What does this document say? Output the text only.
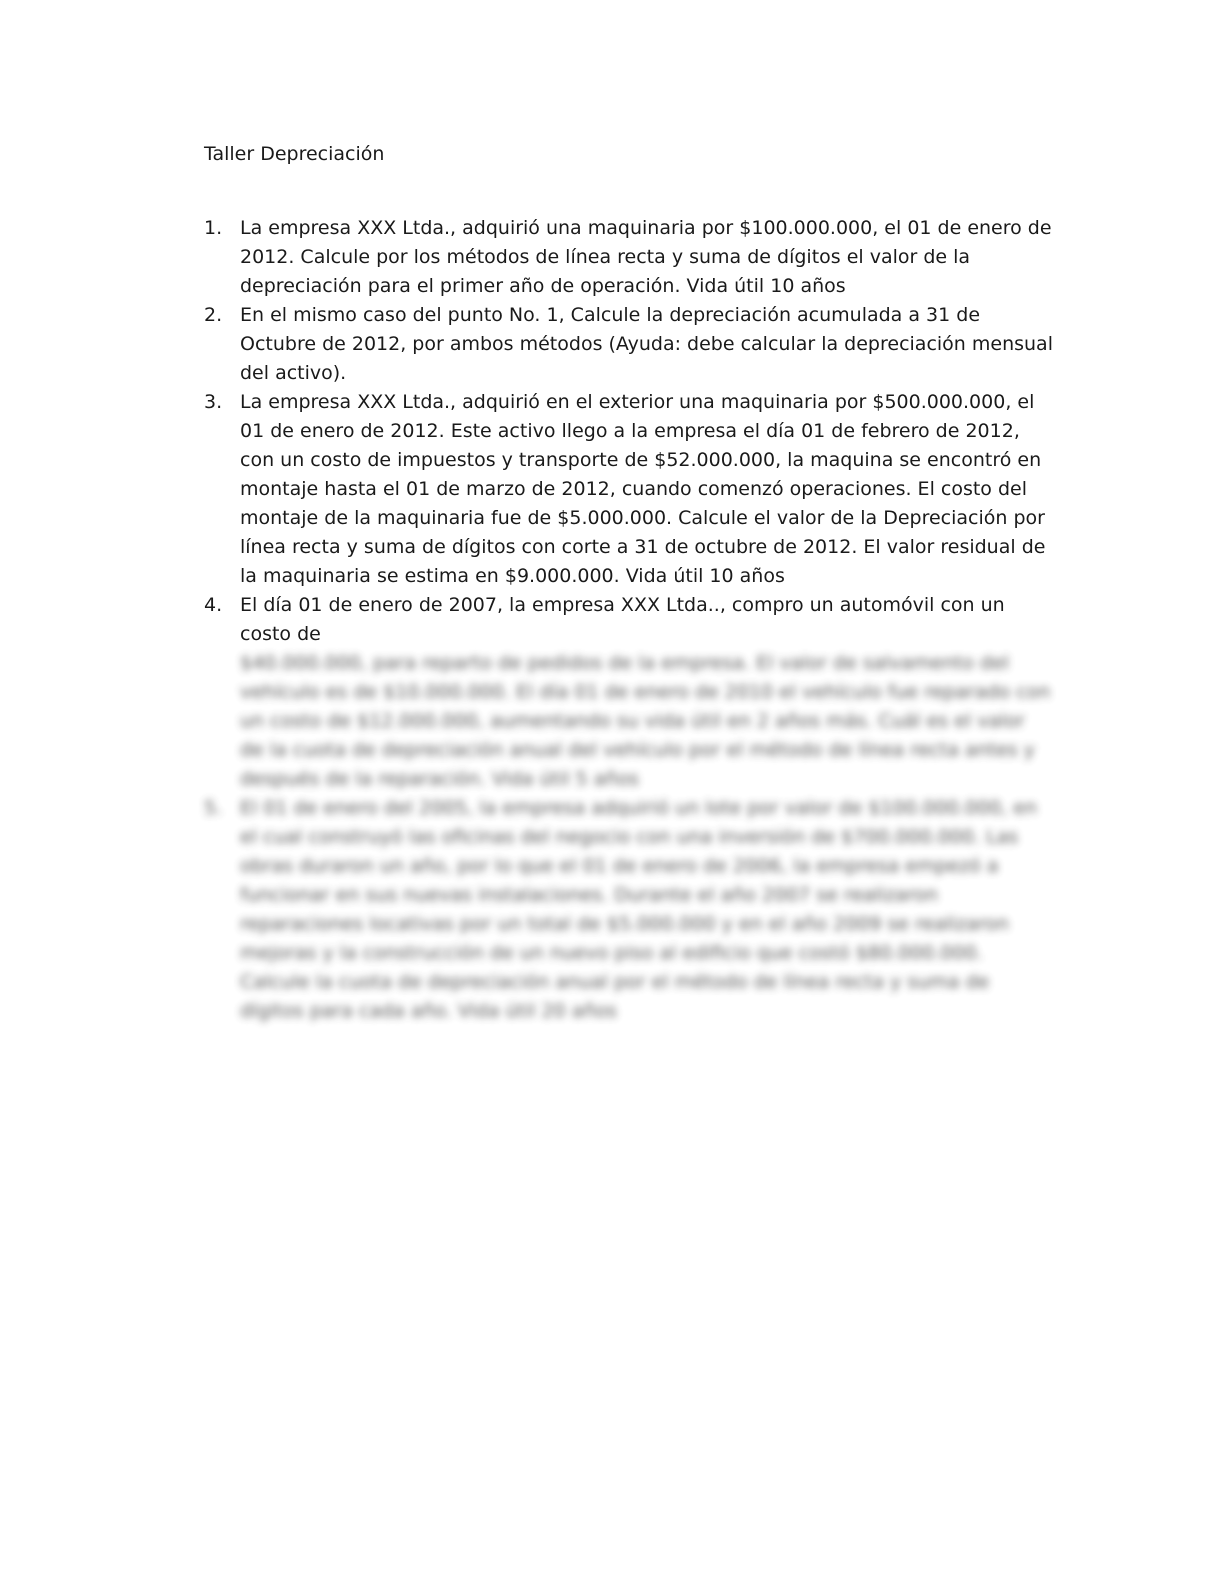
Taller Depreciación
1. La empresa XXX Ltda., adquirió una maquinaria por $100.000.000, el 01 de enero de 2012. Calcule por los métodos de línea recta y suma de dígitos el valor de la depreciación para el primer año de operación. Vida útil 10 años
2. En el mismo caso del punto No. 1, Calcule la depreciación acumulada a 31 de Octubre de 2012, por ambos métodos (Ayuda: debe calcular la depreciación mensual del activo).
3. La empresa XXX Ltda., adquirió en el exterior una maquinaria por $500.000.000, el 01 de enero de 2012. Este activo llego a la empresa el día 01 de febrero de 2012, con un costo de impuestos y transporte de $52.000.000, la maquina se encontró en montaje hasta el 01 de marzo de 2012, cuando comenzó operaciones. El costo del montaje de la maquinaria fue de $5.000.000. Calcule el valor de la Depreciación por línea recta y suma de dígitos con corte a 31 de octubre de 2012. El valor residual de la maquinaria se estima en $9.000.000. Vida útil 10 años
4. El día 01 de enero de 2007, la empresa XXX Ltda.., compro un automóvil con un costo de
$40.000.000, para reparto de pedidos de la empresa. El valor de salvamento del vehículo es de $10.000.000. El día 01 de enero de 2010 el vehículo fue reparado con un costo de $12.000.000, aumentando su vida útil en 2 años más. Cuál es el valor de la cuota de depreciación anual del vehículo por el método de línea recta antes y después de la reparación. Vida útil 5 años
5. El 01 de enero del 2005, la empresa adquirió un lote por valor de $100.000.000, en el cual construyó las oficinas del negocio con una inversión de $700.000.000. Las obras duraron un año, por lo que el 01 de enero de 2006, la empresa empezó a funcionar en sus nuevas instalaciones. Durante el año 2007 se realizaron reparaciones locativas por un total de $5.000.000 y en el año 2009 se realizaron mejoras y la construcción de un nuevo piso al edificio que costó $80.000.000. Calcule la cuota de depreciación anual por el método de línea recta y suma de dígitos para cada año. Vida útil 20 años
